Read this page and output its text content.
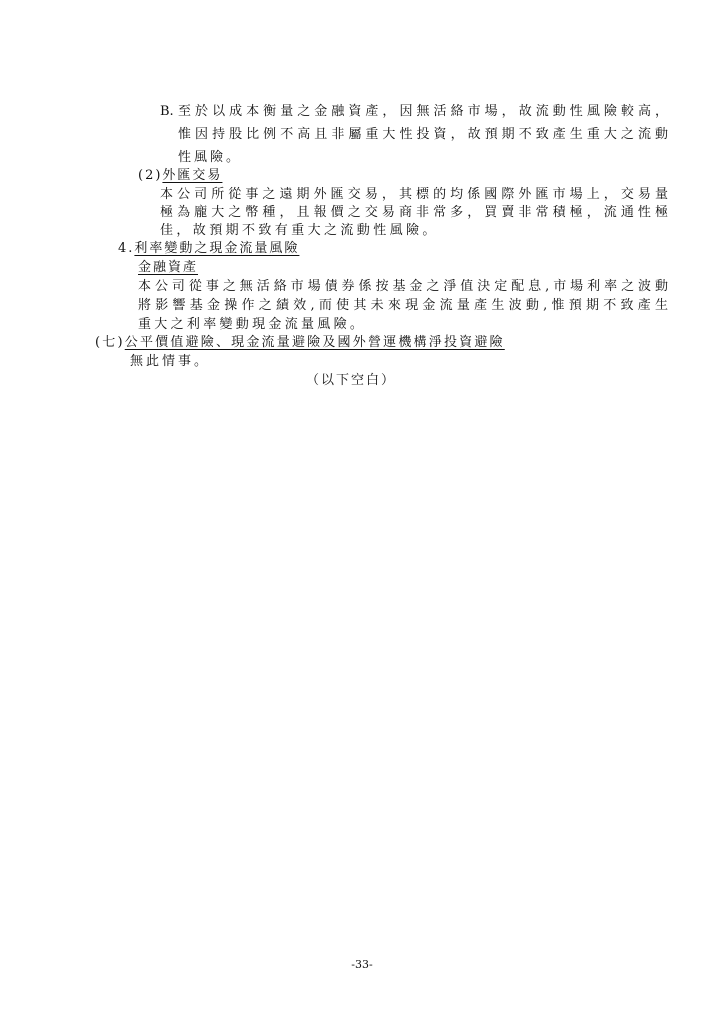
B. 至於以成本衡量之金融資產，因無活絡市場，故流動性風險較高，
惟因持股比例不高且非屬重大性投資，故預期不致產生重大之流動
性風險。
(2)外匯交易
本公司所從事之遠期外匯交易，其標的均係國際外匯市場上，交易量
極為龐大之幣種，且報價之交易商非常多，買賣非常積極，流通性極
佳，故預期不致有重大之流動性風險。
4.利率變動之現金流量風險
金融資產
本公司從事之無活絡市場債券係按基金之淨值決定配息,市場利率之波動
將影響基金操作之績效,而使其未來現金流量產生波動,惟預期不致產生
重大之利率變動現金流量風險。
(七)公平價值避險、現金流量避險及國外營運機構淨投資避險
無此情事。
（以下空白）
-33-
